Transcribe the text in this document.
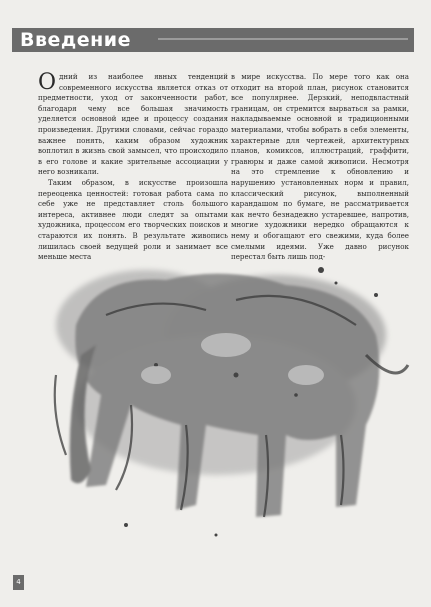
Введение

Одний из наиболее явных тенденций современного искусства является отказ от предметности, уход от законченности работ, благодаря чему все большая значимость уделяется основной идее и процессу создания произведения. Другими словами, сейчас гораздо важнее понять, каким образом художник воплотил в жизнь свой замысел, что происходило в его голове и какие зрительные ассоциации у него возникали.

Таким образом, в искусстве произошла переоценка ценностей: готовая работа сама по себе уже не представляет столь большого интереса, активнее люди следят за опытами художника, процессом его творческих поисков и стараются их понять. В результате живопись лишилась своей ведущей роли и занимает все меньше места

в мире искусства. По мере того как она отходит на второй план, рисунок становится все популярнее. Дерзкий, неподвластный границам, он стремится вырваться за рамки, накладываемые основной и традиционными материалами, чтобы вобрать в себя элементы, характерные для чертежей, архитектурных планов, комиксов, иллюстраций, граффити, гравюры и даже самой живописи. Несмотря на это стремление к обновлению и нарушению установленных норм и правил, классический рисунок, выполненный карандашом по бумаге, не рассматривается как нечто безнадежно устаревшее, напротив, многие художники нередко обращаются к нему и обогащают его свежими, куда более смелыми идеями. Уже давно рисунок перестал быть лишь под-

4
